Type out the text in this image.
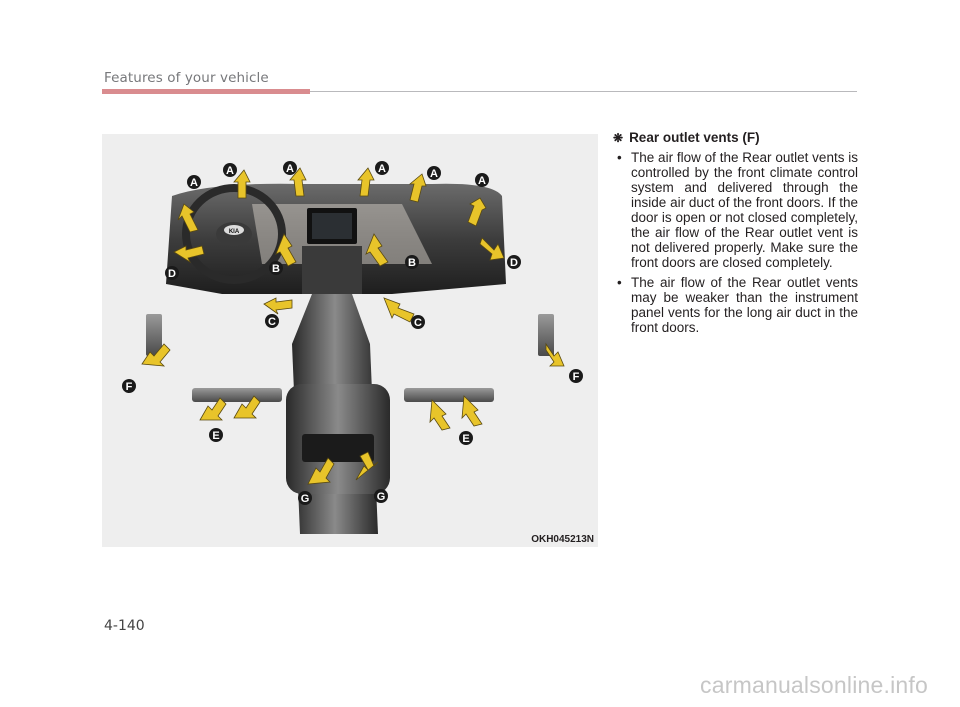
Features of your vehicle
KIA
A
A	A	A	A
A
B	B
C	C
D
D
E	E
F
F
G	G
OKH045213N
❋ Rear outlet vents (F)
• The air flow of the Rear outlet vents is controlled by the front climate control system and delivered through the inside air duct of the front doors. If the door is open or not closed completely, the air flow of the Rear outlet vent is not delivered properly. Make sure the front doors are closed completely.
• The air flow of the Rear outlet vents may be weaker than the instrument panel vents for the long air duct in the front doors.
4-140
carmanualsonline.info
